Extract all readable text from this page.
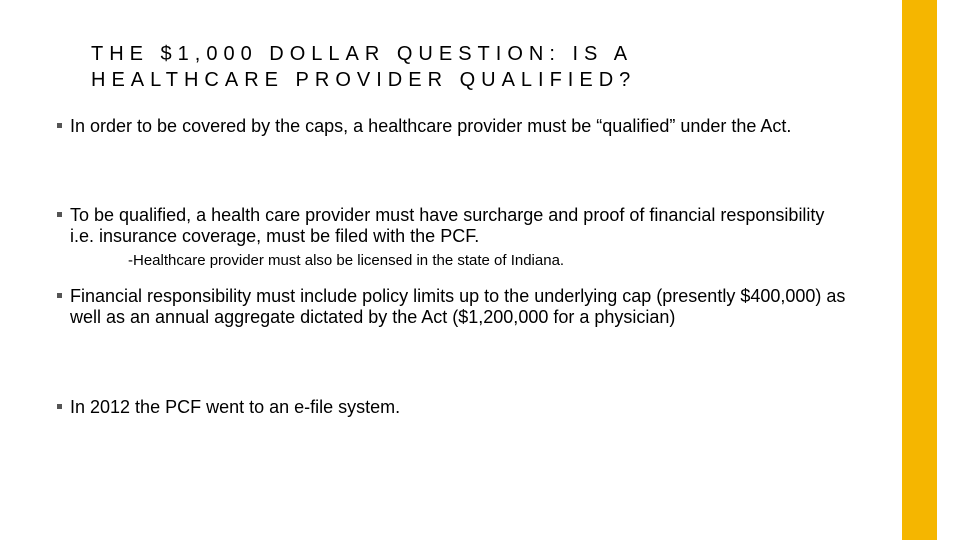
THE $1,000 DOLLAR QUESTION: IS A
HEALTHCARE PROVIDER QUALIFIED?
In order to be covered by the caps, a healthcare provider must be “qualified” under the Act.
To be qualified, a health care provider must have surcharge and proof of financial responsibility i.e. insurance coverage, must be filed with the PCF.
-Healthcare provider must also be licensed in the state of Indiana.
Financial responsibility must include policy limits up to the underlying cap (presently $400,000) as well as an annual aggregate dictated by the Act ($1,200,000 for a physician)
In 2012 the PCF went to an e-file system.
